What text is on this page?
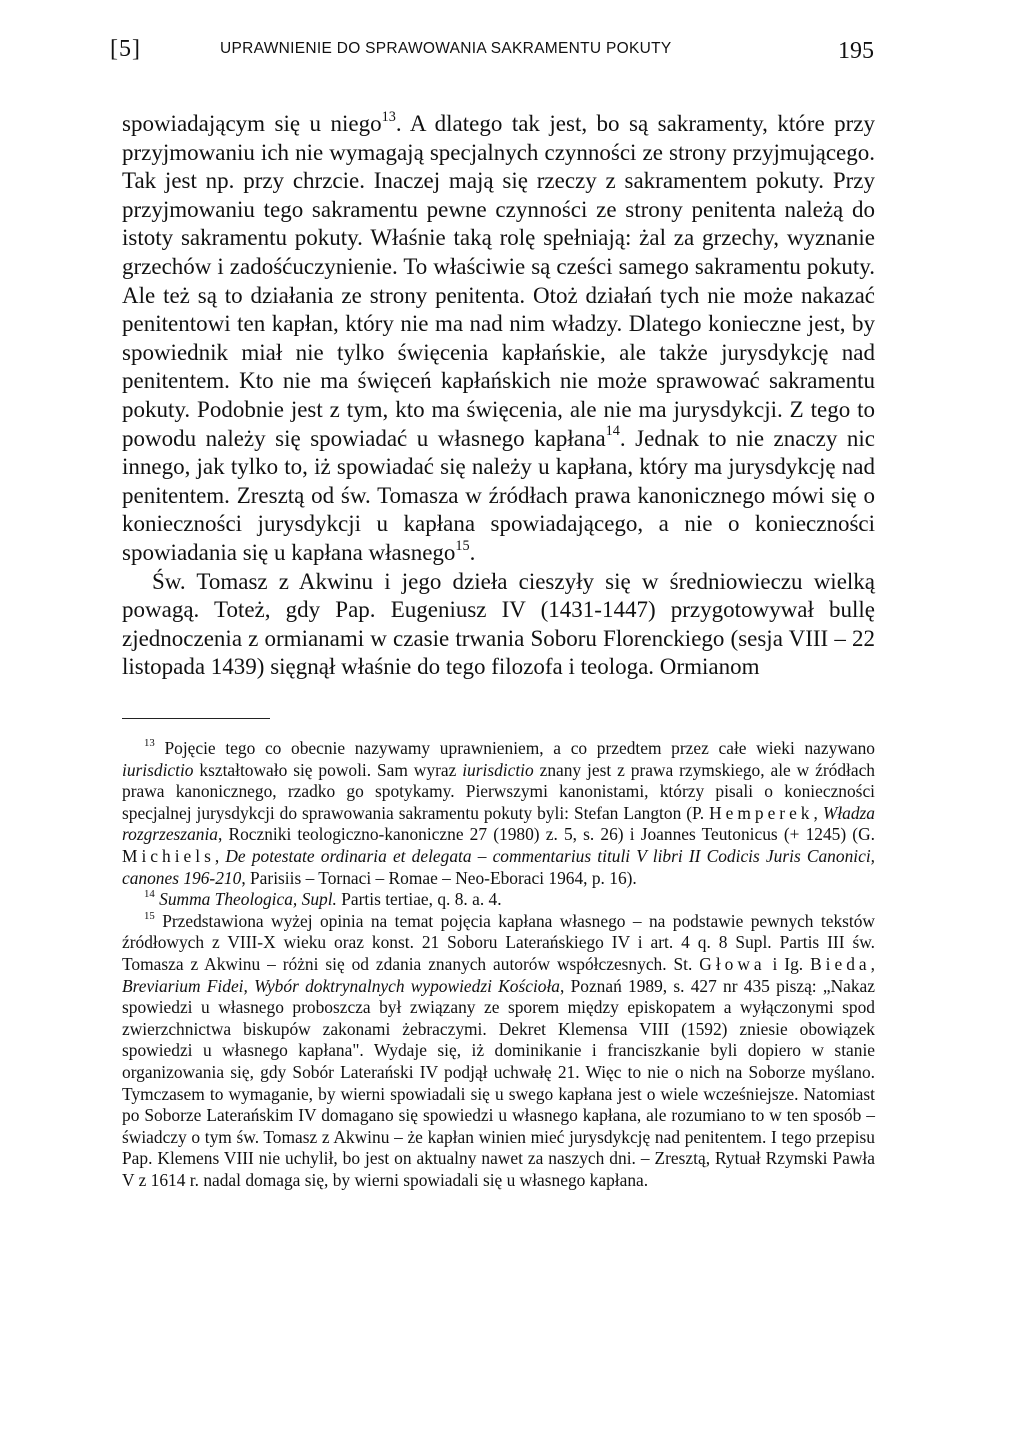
[5]	UPRAWNIENIE DO SPRAWOWANIA SAKRAMENTU POKUTY	195

spowiadającym się u niego$^{13}$. A dlatego tak jest, bo są sakramenty, które przy przyjmowaniu ich nie wymagają specjalnych czynności ze strony przyjmującego. Tak jest np. przy chrzcie. Inaczej mają się rzeczy z sakramentem pokuty. Przy przyjmowaniu tego sakramentu pewne czynności ze strony penitenta należą do istoty sakramentu pokuty. Właśnie taką rolę spełniają: żal za grzechy, wyznanie grzechów i zadośćuczynienie. To właściwie są cześci samego sakramentu pokuty. Ale też są to działania ze strony penitenta. Otoż działań tych nie może nakazać penitentowi ten kapłan, który nie ma nad nim władzy. Dlatego konieczne jest, by spowiednik miał nie tylko święcenia kapłańskie, ale także jurysdykcję nad penitentem. Kto nie ma święceń kapłańskich nie może sprawować sakramentu pokuty. Podobnie jest z tym, kto ma święcenia, ale nie ma jurysdykcji. Z tego to powodu należy się spowiadać u własnego kapłana$^{14}$. Jednak to nie znaczy nic innego, jak tylko to, iż spowiadać się należy u kapłana, który ma jurysdykcję nad penitentem. Zresztą od św. Tomasza w źródłach prawa kanonicznego mówi się o konieczności jurysdykcji u kapłana spowiadającego, a nie o konieczności spowiadania się u kapłana własnego$^{15}$.

Św. Tomasz z Akwinu i jego dzieła cieszyły się w średniowieczu wielką powagą. Toteż, gdy Pap. Eugeniusz IV (1431-1447) przygotowywał bullę zjednoczenia z ormianami w czasie trwania Soboru Florenckiego (sesja VIII – 22 listopada 1439) sięgnął właśnie do tego filozofa i teologa. Ormianom

$^{13}$ Pojęcie tego co obecnie nazywamy uprawnieniem, a co przedtem przez całe wieki nazywano iurisdictio kształtowało się powoli. Sam wyraz iurisdictio znany jest z prawa rzymskiego, ale w źródłach prawa kanonicznego, rzadko go spotykamy. Pierwszymi kanonistami, którzy pisali o konieczności specjalnej jurysdykcji do sprawowania sakramentu pokuty byli: Stefan Langton (P. Hemperek, Władza rozgrzeszania, Roczniki teologiczno-kanoniczne 27 (1980) z. 5, s. 26) i Joannes Teutonicus (+ 1245) (G. Michiels, De potestate ordinaria et delegata – commentarius tituli V libri II Codicis Juris Canonici, canones 196-210, Parisiis – Tornaci – Romae – Neo-Eboraci 1964, p. 16).

$^{14}$ Summa Theologica, Supl. Partis tertiae, q. 8. a. 4.

$^{15}$ Przedstawiona wyżej opinia na temat pojęcia kapłana własnego – na podstawie pewnych tekstów źródłowych z VIII-X wieku oraz konst. 21 Soboru Laterańskiego IV i art. 4 q. 8 Supl. Partis III św. Tomasza z Akwinu – różni się od zdania znanych autorów współczesnych. St. Głowa i Ig. Bieda, Breviarium Fidei, Wybór doktrynalnych wypowiedzi Kościoła, Poznań 1989, s. 427 nr 435 piszą: „Nakaz spowiedzi u własnego proboszcza był związany ze sporem między episkopatem a wyłączonymi spod zwierzchnictwa biskupów zakonami żebraczymi. Dekret Klemensa VIII (1592) zniesie obowiązek spowiedzi u własnego kapłana". Wydaje się, iż dominikanie i franciszkanie byli dopiero w stanie organizowania się, gdy Sobór Laterański IV podjął uchwałę 21. Więc to nie o nich na Soborze myślano. Tymczasem to wymaganie, by wierni spowiadali się u swego kapłana jest o wiele wcześniejsze. Natomiast po Soborze Laterańskim IV domagano się spowiedzi u własnego kapłana, ale rozumiano to w ten sposób – świadczy o tym św. Tomasz z Akwinu – że kapłan winien mieć jurysdykcję nad penitentem. I tego przepisu Pap. Klemens VIII nie uchylił, bo jest on aktualny nawet za naszych dni. – Zresztą, Rytuał Rzymski Pawła V z 1614 r. nadal domaga się, by wierni spowiadali się u własnego kapłana.
